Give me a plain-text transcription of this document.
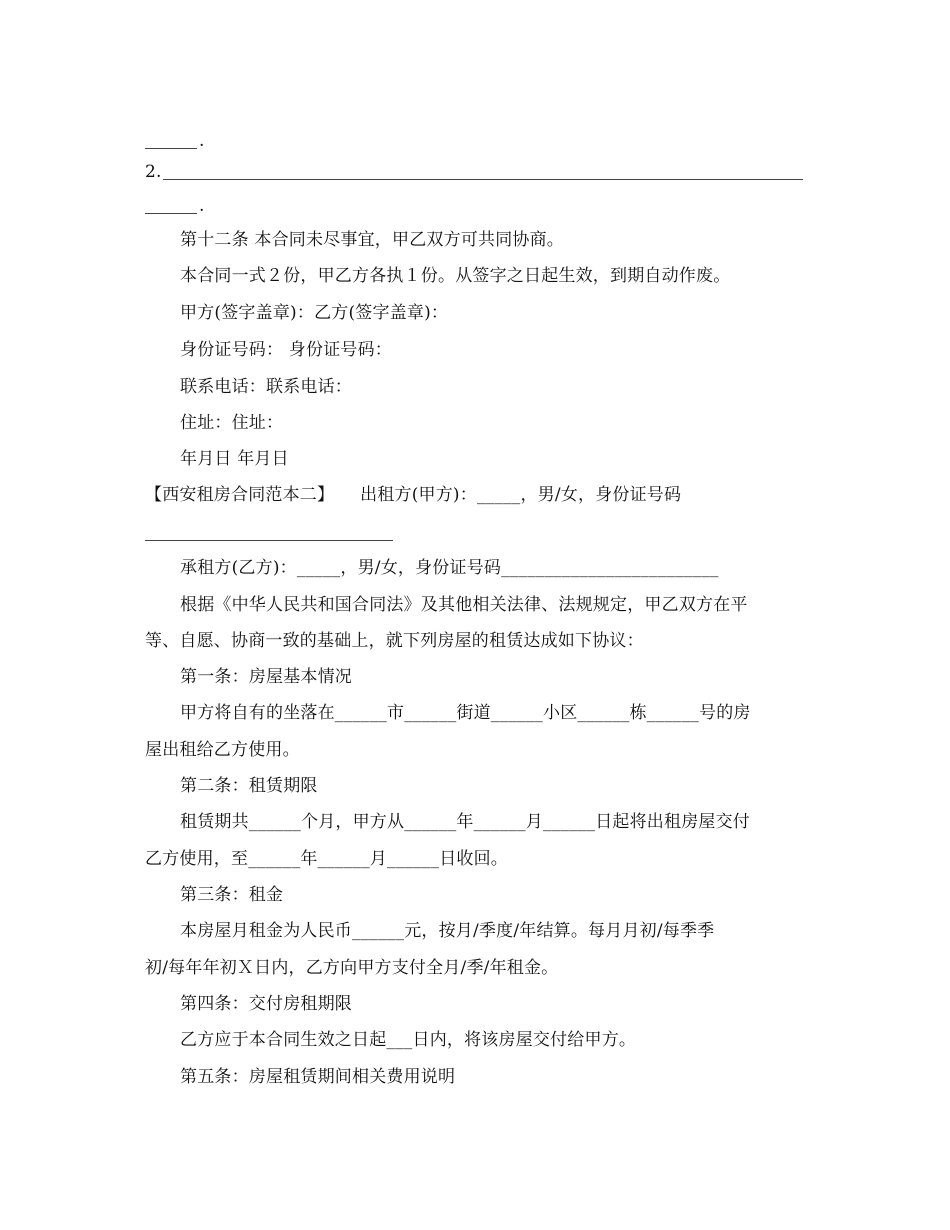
.
2.
.
第十二条 本合同未尽事宜，甲乙双方可共同协商。
本合同一式２份，甲乙方各执１份。从签字之日起生效，到期自动作废。
甲方(签字盖章)：乙方(签字盖章)：
身份证号码： 身份证号码：
联系电话：联系电话：
住址：住址：
年月日 年月日
【西安租房合同范本二】　　出租方(甲方)：_____，男/女，身份证号码
承租方(乙方)：_____，男/女，身份证号码_________________________
根据《中华人民共和国合同法》及其他相关法律、法规规定，甲乙双方在平
等、自愿、协商一致的基础上，就下列房屋的租赁达成如下协议：
第一条：房屋基本情况
甲方将自有的坐落在______市______街道______小区______栋______号的房
屋出租给乙方使用。
第二条：租赁期限
租赁期共______个月，甲方从______年______月______日起将出租房屋交付
乙方使用，至______年______月______日收回。
第三条：租金
本房屋月租金为人民币______元，按月/季度/年结算。每月月初/每季季
初/每年年初Ｘ日内，乙方向甲方支付全月/季/年租金。
第四条：交付房租期限
乙方应于本合同生效之日起___日内，将该房屋交付给甲方。
第五条：房屋租赁期间相关费用说明
